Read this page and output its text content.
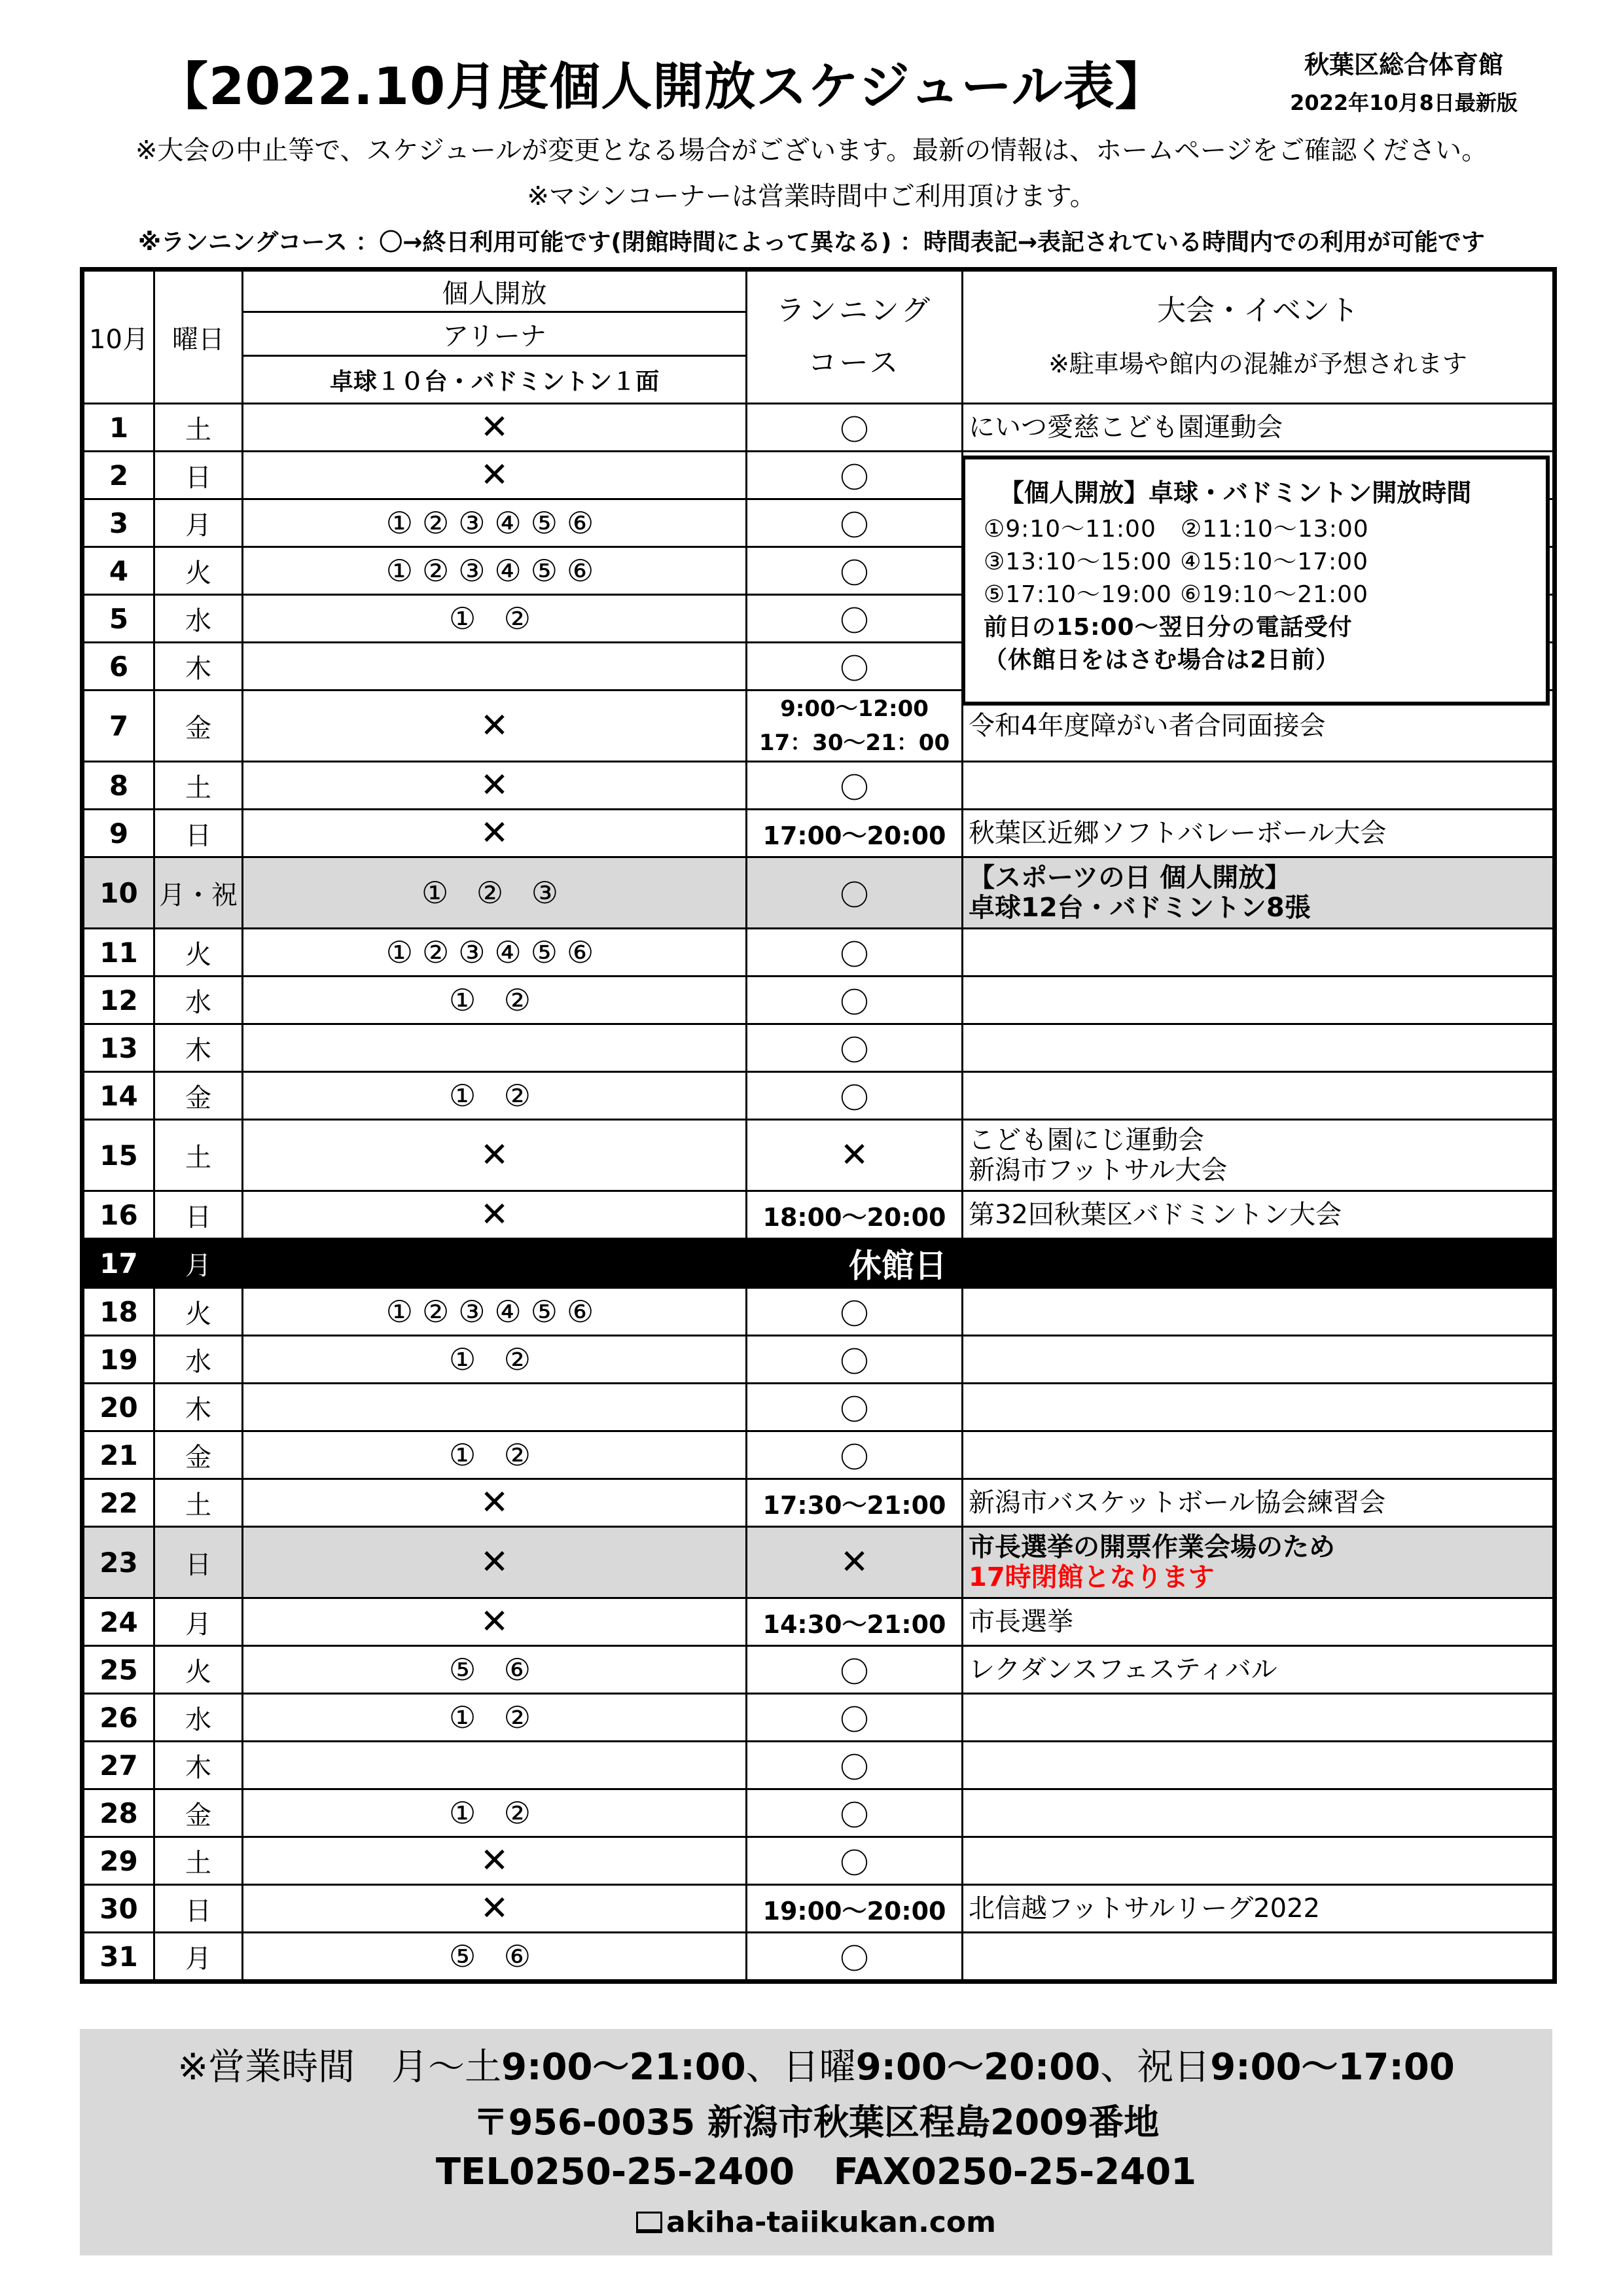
【2022.10月度個人開放スケジュール表】	秋葉区総合体育館
2022年10月8日最新版
※大会の中止等で、スケジュールが変更となる場合がございます。最新の情報は、ホームページをご確認ください。
※マシンコーナーは営業時間中ご利用頂けます。
※ランニングコース ：〇→終日利用可能です(閉館時間によって異なる) ：時間表記→表記されている時間内での利用が可能です
10月	曜日	個人開放	ランニング
コース	大会・イベント
※駐車場や館内の混雑が予想されます
		アリーナ		
		卓球１０台・バドミントン１面		
1	土	✕	〇	にいつ愛慈こども園運動会
2	日	✕	〇	
3	月	①②③④⑤⑥	〇	
4	火	①②③④⑤⑥	〇	
5	水	① ②	〇	
6	木		〇	
7	金	✕	9:00～12:00
17：30～21：00	令和4年度障がい者合同面接会
8	土	✕	〇	
9	日	✕	17:00～20:00	秋葉区近郷ソフトバレーボール大会
10	月・祝	① ② ③	〇	【スポーツの日 個人開放】
卓球12台・バドミントン8張

11	火	①②③④⑤⑥	〇	
12	水	① ②	〇	
13	木		〇	
14	金	① ②	〇	
15	土	✕	✕	こども園にじ運動会
新潟市フットサル大会

16	日	✕	18:00～20:00	第32回秋葉区バドミントン大会
17	月	休館日		
18	火	①②③④⑤⑥	〇	
19	水	① ②	〇	
20	木		〇	
21	金	① ②	〇	
22	土	✕	17:30～21:00	新潟市バスケットボール協会練習会
23	日	✕	✕	市長選挙の開票作業会場のため
17時閉館となります

24	月	✕	14:30～21:00	市長選挙
25	火	⑤ ⑥	〇	レクダンスフェスティバル
26	水	① ②	〇	
27	木		〇	
28	金	① ②	〇	
29	土	✕	〇	
30	日	✕	19:00～20:00	北信越フットサルリーグ2022
31	月	⑤ ⑥	〇	
【個人開放】卓球・バドミントン開放時間
①9:10～11:00　②11:10～13:00
③13:10～15:00 ④15:10～17:00
⑤17:10～19:00 ⑥19:10～21:00
前日の15:00～翌日分の電話受付
（休館日をはさむ場合は2日前）
※営業時間　月～土9:00～21:00、日曜9:00～20:00、祝日9:00～17:00
〒956-0035 新潟市秋葉区程島2009番地
TEL0250-25-2400 FAX0250-25-2401
akiha-taiikukan.com
